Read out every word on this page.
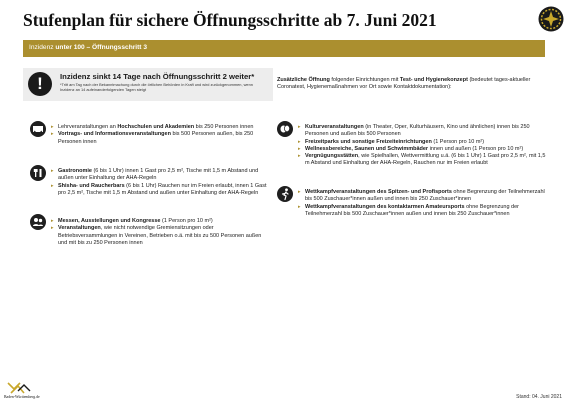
Stufenplan für sichere Öffnungsschritte ab 7. Juni 2021
Inzidenz unter 100 – Öffnungsschritt 3
!	Inzidenz sinkt 14 Tage nach Öffnungsschritt 2 weiter*
*Tritt am Tag nach der Bekanntmachung durch die örtlichen Behörden in Kraft und wird zurückgenommen, wenn Inzidenz an 14 aufeinanderfolgenden Tagen steigt
Zusätzliche Öffnung folgender Einrichtungen mit Test- und Hygienekonzept (bedeutet tages-aktueller Coronatest, Hygienemaßnahmen vor Ort sowie Kontaktdokumentation):
▸ Lehrveranstaltungen an Hochschulen und Akademien bis 250 Personen innen
▸ Vortrags- und Informationsveranstaltungen bis 500 Personen außen, bis 250 Personen innen
▸ Gastronomie (6 bis 1 Uhr) innen 1 Gast pro 2,5 m², Tische mit 1,5 m Abstand und außen unter Einhaltung der AHA-Regeln
▸ Shisha- und Raucherbars (6 bis 1 Uhr) Rauchen nur im Freien erlaubt, innen 1 Gast pro 2,5 m², Tische mit 1,5 m Abstand und außen unter Einhaltung der AHA-Regeln
▸ Messen, Ausstellungen und Kongresse (1 Person pro 10 m²)
▸ Veranstaltungen, wie nicht notwendige Gremiensitzungen oder Betriebsversammlungen in Vereinen, Betrieben o.ä. mit bis zu 500 Personen außen und mit bis zu 250 Personen innen
▸ Kulturveranstaltungen (in Theater, Oper, Kulturhäusern, Kino und ähnlichen) innen bis 250 Personen und außen bis 500 Personen
▸ Freizeitparks und sonstige Freizeiteinrichtungen (1 Person pro 10 m²)
▸ Wellnessbereiche, Saunen und Schwimmbäder innen und außen (1 Person pro 10 m²)
▸ Vergnügungsstätten, wie Spielhallen, Wettvermittlung u.ä. (6 bis 1 Uhr) 1 Gast pro 2,5 m², mit 1,5 m Abstand und Einhaltung der AHA-Regeln, Rauchen nur im Freien erlaubt
▸ Wettkampfveranstaltungen des Spitzen- und Profisports ohne Begrenzung der Teilnehmerzahl bis 500 Zuschauer*innen außen und innen bis 250 Zuschauer*innen
▸ Wettkampfveranstaltungen des kontaktarmen Amateursports ohne Begrenzung der Teilnehmerzahl bis 500 Zuschauer*innen außen und innen bis 250 Zuschauer*innen
Baden-Württemberg.de	Stand: 04. Juni 2021
